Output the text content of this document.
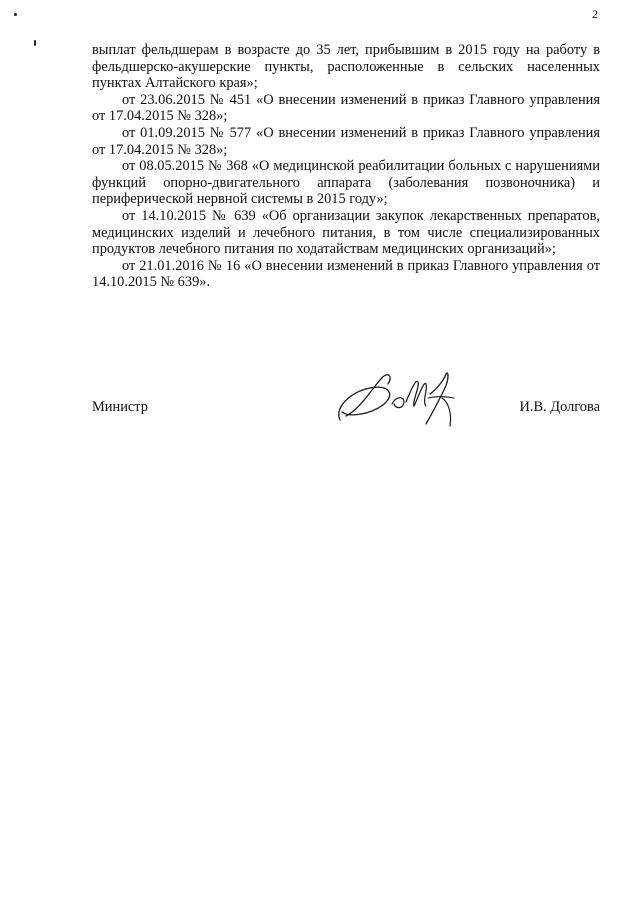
2

выплат фельдшерам в возрасте до 35 лет, прибывшим в 2015 году на работу в фельдшерско-акушерские пункты, расположенные в сельских населенных пунктах Алтайского края»;

от 23.06.2015 № 451 «О внесении изменений в приказ Главного управления от 17.04.2015 № 328»;

от 01.09.2015 № 577 «О внесении изменений в приказ Главного управления от 17.04.2015 № 328»;

от 08.05.2015 № 368 «О медицинской реабилитации больных с нарушениями функций опорно-двигательного аппарата (заболевания позвоночника) и периферической нервной системы в 2015 году»;

от 14.10.2015 № 639 «Об организации закупок лекарственных препаратов, медицинских изделий и лечебного питания, в том числе специализированных продуктов лечебного питания по ходатайствам медицинских организаций»;

от 21.01.2016 № 16 «О внесении изменений в приказ Главного управления от 14.10.2015 № 639».

Министр	И.В. Долгова
